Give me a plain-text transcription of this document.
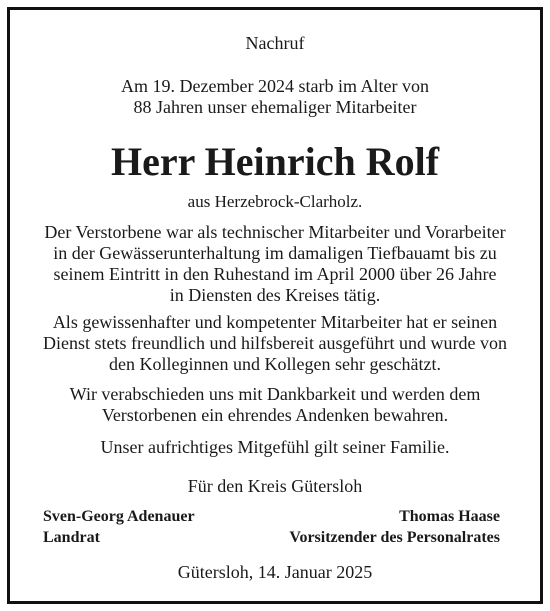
Nachruf
Am 19. Dezember 2024 starb im Alter von
88 Jahren unser ehemaliger Mitarbeiter
Herr Heinrich Rolf
aus Herzebrock-Clarholz.
Der Verstorbene war als technischer Mitarbeiter und Vorarbeiter
in der Gewässerunterhaltung im damaligen Tiefbauamt bis zu
seinem Eintritt in den Ruhestand im April 2000 über 26 Jahre
in Diensten des Kreises tätig.
Als gewissenhafter und kompetenter Mitarbeiter hat er seinen
Dienst stets freundlich und hilfsbereit ausgeführt und wurde von
den Kolleginnen und Kollegen sehr geschätzt.
Wir verabschieden uns mit Dankbarkeit und werden dem
Verstorbenen ein ehrendes Andenken bewahren.
Unser aufrichtiges Mitgefühl gilt seiner Familie.
Für den Kreis Gütersloh
Sven-Georg Adenauer
Landrat
Thomas Haase
Vorsitzender des Personalrates
Gütersloh, 14. Januar 2025
